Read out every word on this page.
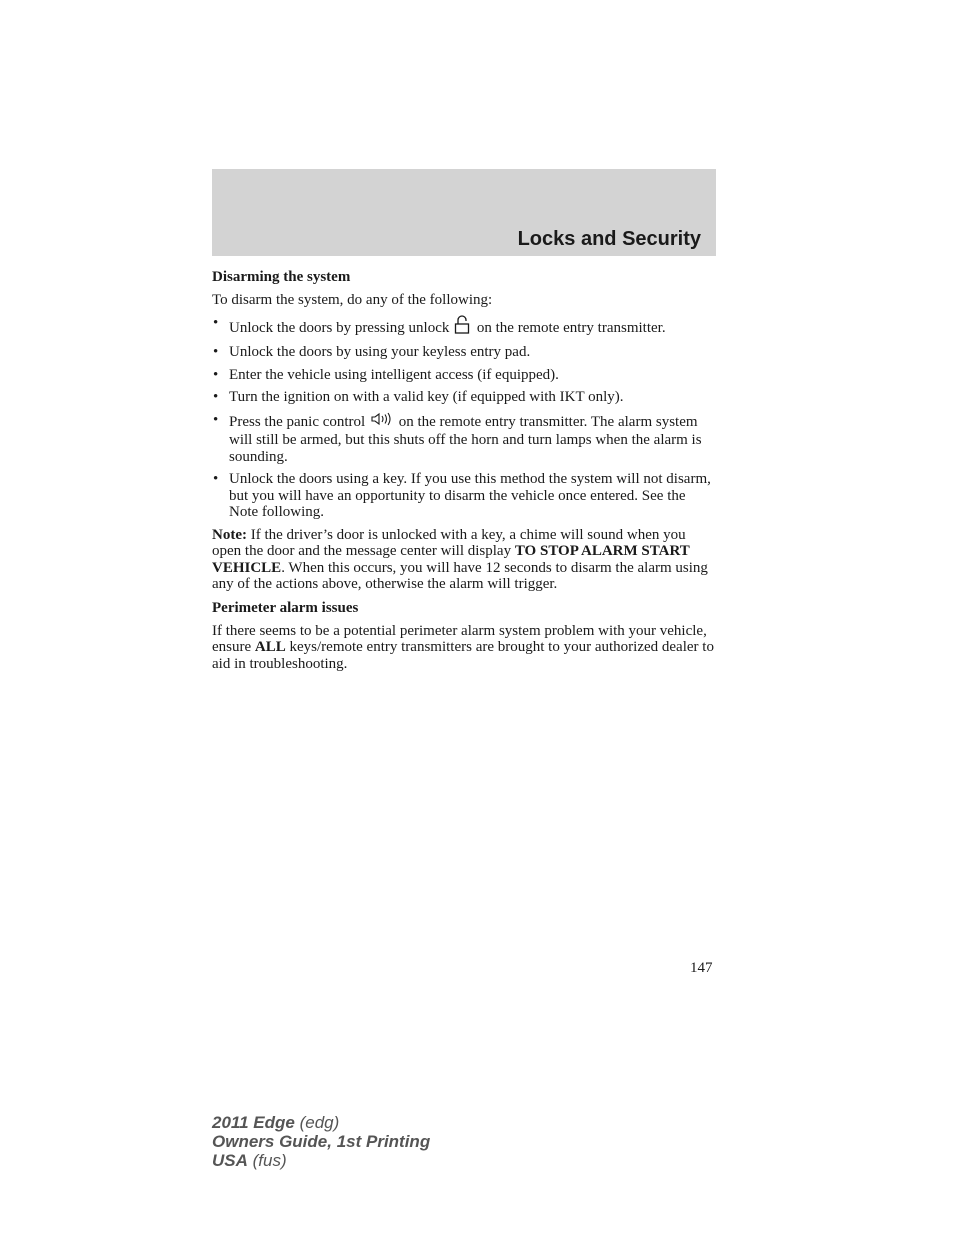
Locks and Security
Disarming the system

To disarm the system, do any of the following:

• Unlock the doors by pressing unlock on the remote entry transmitter.
• Unlock the doors by using your keyless entry pad.
• Enter the vehicle using intelligent access (if equipped).
• Turn the ignition on with a valid key (if equipped with IKT only).
• Press the panic control on the remote entry transmitter. The alarm system will still be armed, but this shuts off the horn and turn lamps when the alarm is sounding.
• Unlock the doors using a key. If you use this method the system will not disarm, but you will have an opportunity to disarm the vehicle once entered. See the Note following.

Note: If the driver’s door is unlocked with a key, a chime will sound when you open the door and the message center will display TO STOP ALARM START VEHICLE. When this occurs, you will have 12 seconds to disarm the alarm using any of the actions above, otherwise the alarm will trigger.

Perimeter alarm issues

If there seems to be a potential perimeter alarm system problem with your vehicle, ensure ALL keys/remote entry transmitters are brought to your authorized dealer to aid in troubleshooting.

147
2011 Edge (edg)
Owners Guide, 1st Printing
USA (fus)
